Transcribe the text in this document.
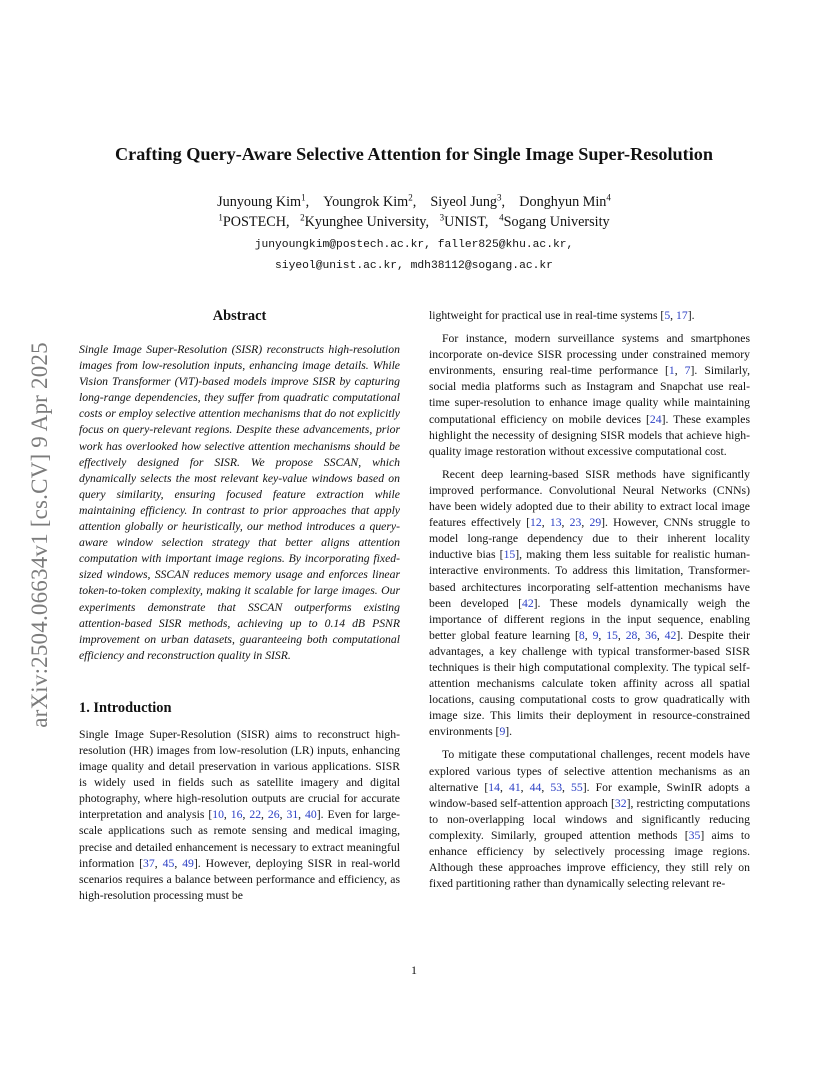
arXiv:2504.06634v1 [cs.CV] 9 Apr 2025
Crafting Query-Aware Selective Attention for Single Image Super-Resolution
Junyoung Kim$^1$, Youngrok Kim$^2$, Siyeol Jung$^3$, Donghyun Min$^4$
$^1$POSTECH,  $^2$Kyunghee University,  $^3$UNIST,  $^4$Sogang University
junyoungkim@postech.ac.kr, faller825@khu.ac.kr,
siyeol@unist.ac.kr, mdh38112@sogang.ac.kr
Abstract

Single Image Super-Resolution (SISR) reconstructs high-resolution images from low-resolution inputs, enhancing image details. While Vision Transformer (ViT)-based models improve SISR by capturing long-range dependencies, they suffer from quadratic computational costs or employ selective attention mechanisms that do not explicitly focus on query-relevant regions. Despite these advancements, prior work has overlooked how selective attention mechanisms should be effectively designed for SISR. We propose SSCAN, which dynamically selects the most relevant key-value windows based on query similarity, ensuring focused feature extraction while maintaining efficiency. In contrast to prior approaches that apply attention globally or heuristically, our method introduces a query-aware window selection strategy that better aligns attention computation with important image regions. By incorporating fixed-sized windows, SSCAN reduces memory usage and enforces linear token-to-token complexity, making it scalable for large images. Our experiments demonstrate that SSCAN outperforms existing attention-based SISR methods, achieving up to 0.14 dB PSNR improvement on urban datasets, guaranteeing both computational efficiency and reconstruction quality in SISR.

1. Introduction

Single Image Super-Resolution (SISR) aims to reconstruct high-resolution (HR) images from low-resolution (LR) inputs, enhancing image quality and detail preservation in various applications. SISR is widely used in fields such as satellite imagery and digital photography, where high-resolution outputs are crucial for accurate interpretation and analysis [10, 16, 22, 26, 31, 40]. Even for large-scale applications such as remote sensing and medical imaging, precise and detailed enhancement is necessary to extract meaningful information [37, 45, 49]. However, deploying SISR in real-world scenarios requires a balance between performance and efficiency, as high-resolution processing must be

lightweight for practical use in real-time systems [5, 17].

For instance, modern surveillance systems and smartphones incorporate on-device SISR processing under constrained memory environments, ensuring real-time performance [1, 7]. Similarly, social media platforms such as Instagram and Snapchat use real-time super-resolution to enhance image quality while maintaining computational efficiency on mobile devices [24]. These examples highlight the necessity of designing SISR models that achieve high-quality image restoration without excessive computational cost.

Recent deep learning-based SISR methods have significantly improved performance. Convolutional Neural Networks (CNNs) have been widely adopted due to their ability to extract local image features effectively [12, 13, 23, 29]. However, CNNs struggle to model long-range dependency due to their inherent locality inductive bias [15], making them less suitable for realistic human-interactive environments. To address this limitation, Transformer-based architectures incorporating self-attention mechanisms have been developed [42]. These models dynamically weigh the importance of different regions in the input sequence, enabling better global feature learning [8, 9, 15, 28, 36, 42]. Despite their advantages, a key challenge with typical transformer-based SISR techniques is their high computational complexity. The typical self-attention mechanisms calculate token affinity across all spatial locations, causing computational costs to grow quadratically with image size. This limits their deployment in resource-constrained environments [9].

To mitigate these computational challenges, recent models have explored various types of selective attention mechanisms as an alternative [14, 41, 44, 53, 55]. For example, SwinIR adopts a window-based self-attention approach [32], restricting computations to non-overlapping local windows and significantly reducing complexity. Similarly, grouped attention methods [35] aims to enhance efficiency by selectively processing image regions. Although these approaches improve efficiency, they still rely on fixed partitioning rather than dynamically selecting relevant re-

1
